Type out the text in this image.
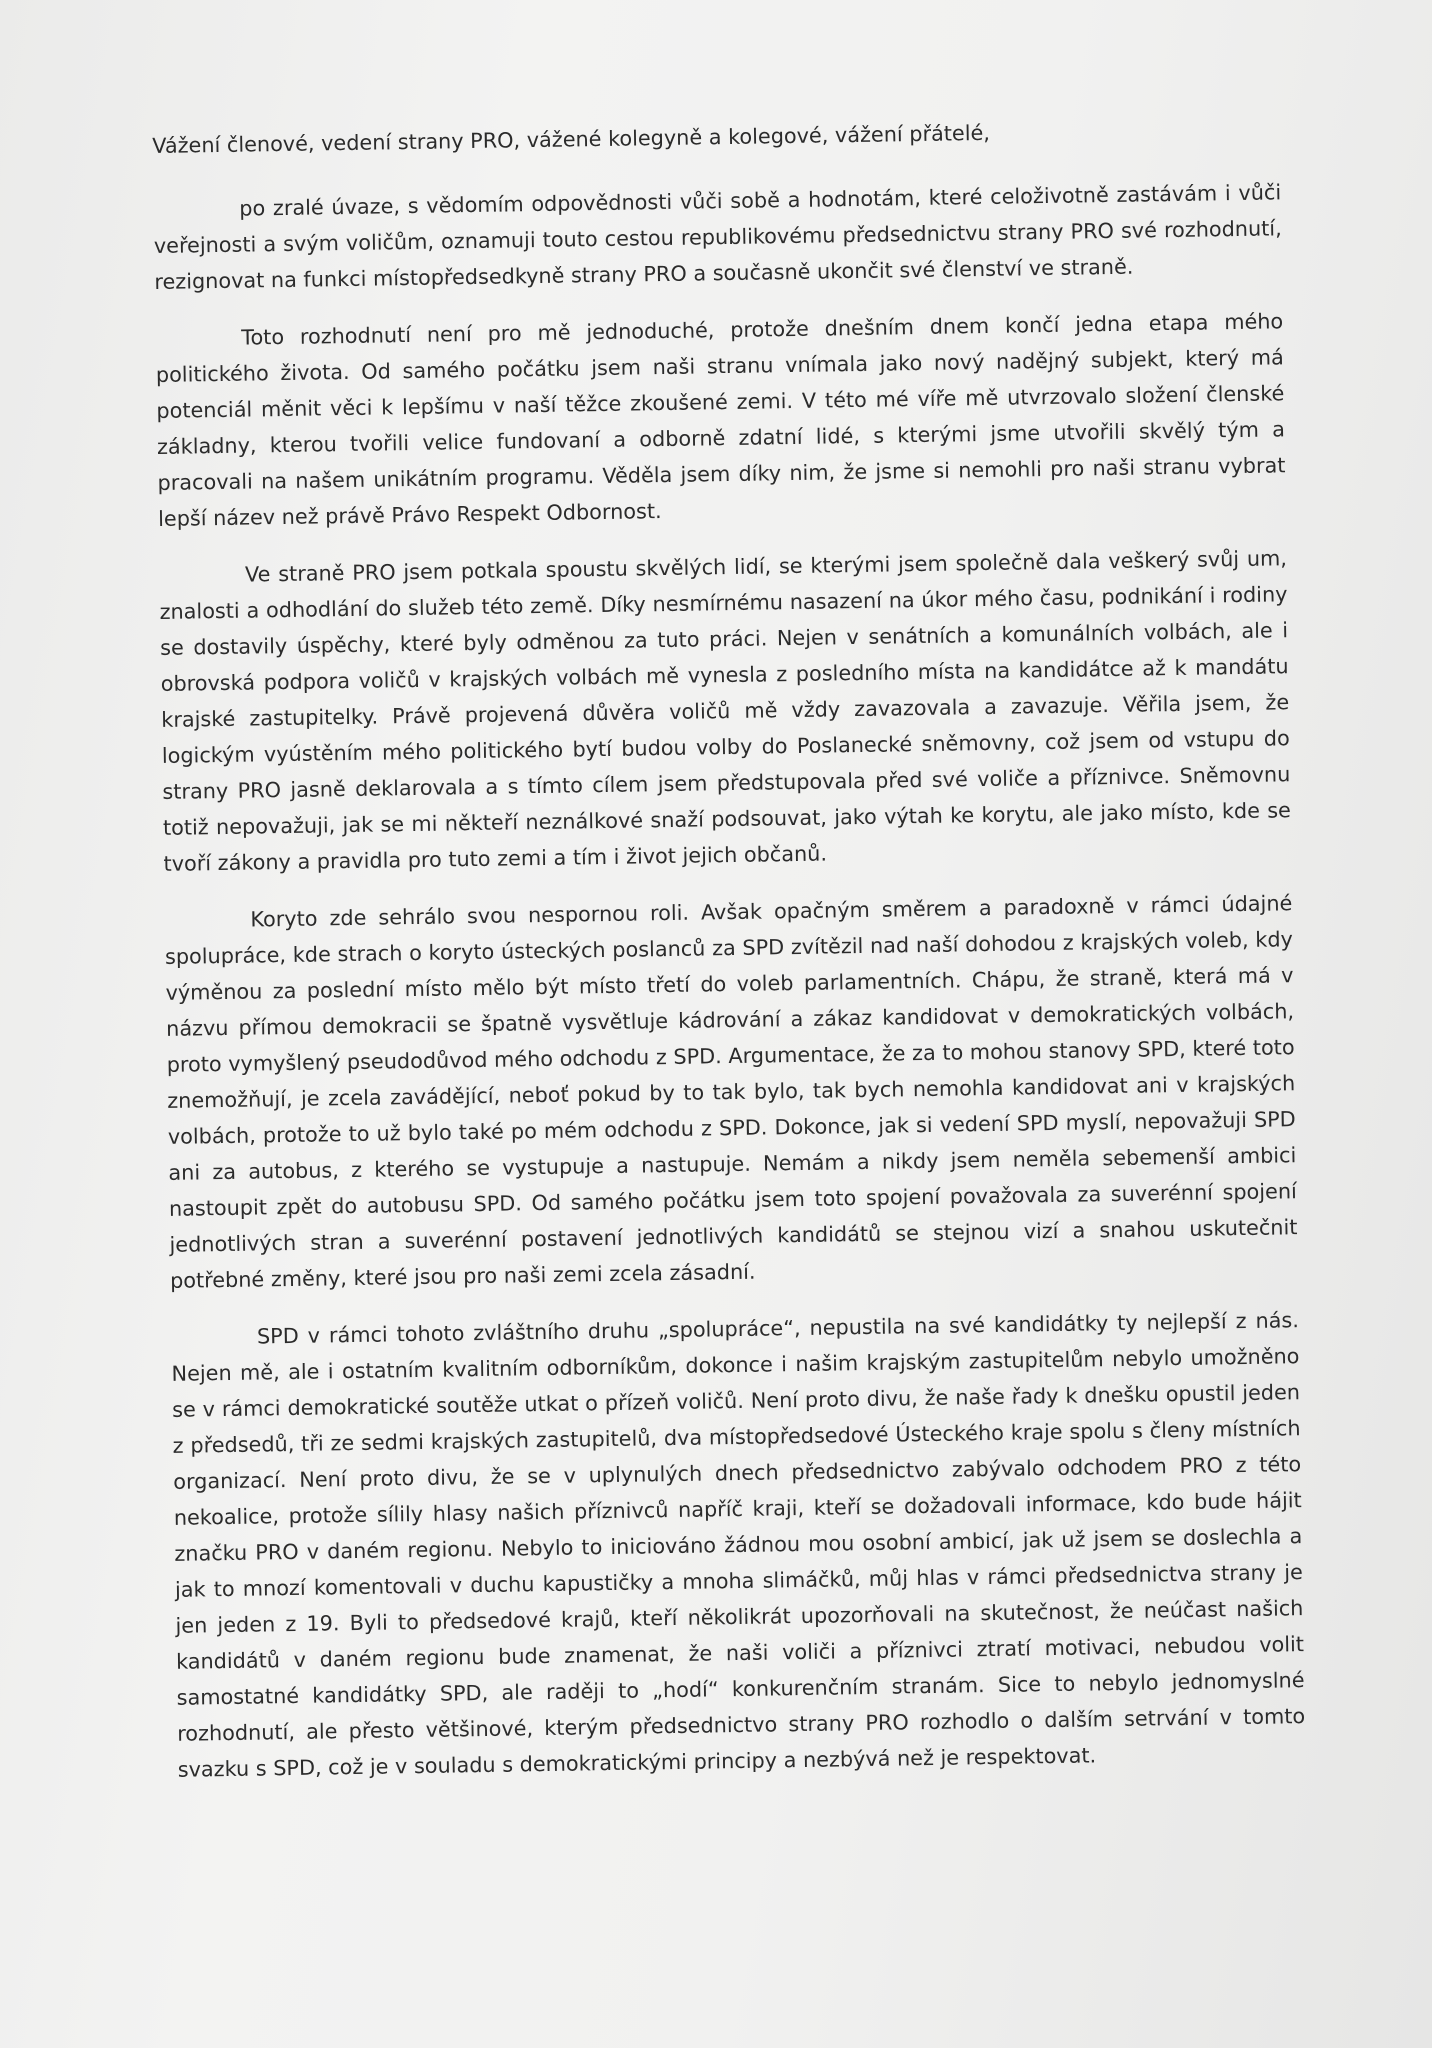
Vážení členové, vedení strany PRO, vážené kolegyně a kolegové, vážení přátelé,

po zralé úvaze, s vědomím odpovědnosti vůči sobě a hodnotám, které celoživotně zastávám i vůči veřejnosti a svým voličům, oznamuji touto cestou republikovému předsednictvu strany PRO své rozhodnutí, rezignovat na funkci místopředsedkyně strany PRO a současně ukončit své členství ve straně.

Toto rozhodnutí není pro mě jednoduché, protože dnešním dnem končí jedna etapa mého politického života. Od samého počátku jsem naši stranu vnímala jako nový nadějný subjekt, který má potenciál měnit věci k lepšímu v naší těžce zkoušené zemi. V této mé víře mě utvrzovalo složení členské základny, kterou tvořili velice fundovaní a odborně zdatní lidé, s kterými jsme utvořili skvělý tým a pracovali na našem unikátním programu. Věděla jsem díky nim, že jsme si nemohli pro naši stranu vybrat lepší název než právě Právo Respekt Odbornost.

Ve straně PRO jsem potkala spoustu skvělých lidí, se kterými jsem společně dala veškerý svůj um, znalosti a odhodlání do služeb této země. Díky nesmírnému nasazení na úkor mého času, podnikání i rodiny se dostavily úspěchy, které byly odměnou za tuto práci. Nejen v senátních a komunálních volbách, ale i obrovská podpora voličů v krajských volbách mě vynesla z posledního místa na kandidátce až k mandátu krajské zastupitelky. Právě projevená důvěra voličů mě vždy zavazovala a zavazuje. Věřila jsem, že logickým vyústěním mého politického bytí budou volby do Poslanecké sněmovny, což jsem od vstupu do strany PRO jasně deklarovala a s tímto cílem jsem předstupovala před své voliče a příznivce. Sněmovnu totiž nepovažuji, jak se mi někteří neználkové snaží podsouvat, jako výtah ke korytu, ale jako místo, kde se tvoří zákony a pravidla pro tuto zemi a tím i život jejich občanů.

Koryto zde sehrálo svou nespornou roli. Avšak opačným směrem a paradoxně v rámci údajné spolupráce, kde strach o koryto ústeckých poslanců za SPD zvítězil nad naší dohodou z krajských voleb, kdy výměnou za poslední místo mělo být místo třetí do voleb parlamentních. Chápu, že straně, která má v názvu přímou demokracii se špatně vysvětluje kádrování a zákaz kandidovat v demokratických volbách, proto vymyšlený pseudodůvod mého odchodu z SPD. Argumentace, že za to mohou stanovy SPD, které toto znemožňují, je zcela zavádějící, neboť pokud by to tak bylo, tak bych nemohla kandidovat ani v krajských volbách, protože to už bylo také po mém odchodu z SPD. Dokonce, jak si vedení SPD myslí, nepovažuji SPD ani za autobus, z kterého se vystupuje a nastupuje. Nemám a nikdy jsem neměla sebemenší ambici nastoupit zpět do autobusu SPD. Od samého počátku jsem toto spojení považovala za suverénní spojení jednotlivých stran a suverénní postavení jednotlivých kandidátů se stejnou vizí a snahou uskutečnit potřebné změny, které jsou pro naši zemi zcela zásadní.

SPD v rámci tohoto zvláštního druhu „spolupráce“, nepustila na své kandidátky ty nejlepší z nás. Nejen mě, ale i ostatním kvalitním odborníkům, dokonce i našim krajským zastupitelům nebylo umožněno se v rámci demokratické soutěže utkat o přízeň voličů. Není proto divu, že naše řady k dnešku opustil jeden z předsedů, tři ze sedmi krajských zastupitelů, dva místopředsedové Ústeckého kraje spolu s členy místních organizací. Není proto divu, že se v uplynulých dnech předsednictvo zabývalo odchodem PRO z této nekoalice, protože sílily hlasy našich příznivců napříč kraji, kteří se dožadovali informace, kdo bude hájit značku PRO v daném regionu. Nebylo to iniciováno žádnou mou osobní ambicí, jak už jsem se doslechla a jak to mnozí komentovali v duchu kapustičky a mnoha slimáčků, můj hlas v rámci předsednictva strany je jen jeden z 19. Byli to předsedové krajů, kteří několikrát upozorňovali na skutečnost, že neúčast našich kandidátů v daném regionu bude znamenat, že naši voliči a příznivci ztratí motivaci, nebudou volit samostatné kandidátky SPD, ale raději to „hodí“ konkurenčním stranám. Sice to nebylo jednomyslné rozhodnutí, ale přesto většinové, kterým předsednictvo strany PRO rozhodlo o dalším setrvání v tomto svazku s SPD, což je v souladu s demokratickými principy a nezbývá než je respektovat.
